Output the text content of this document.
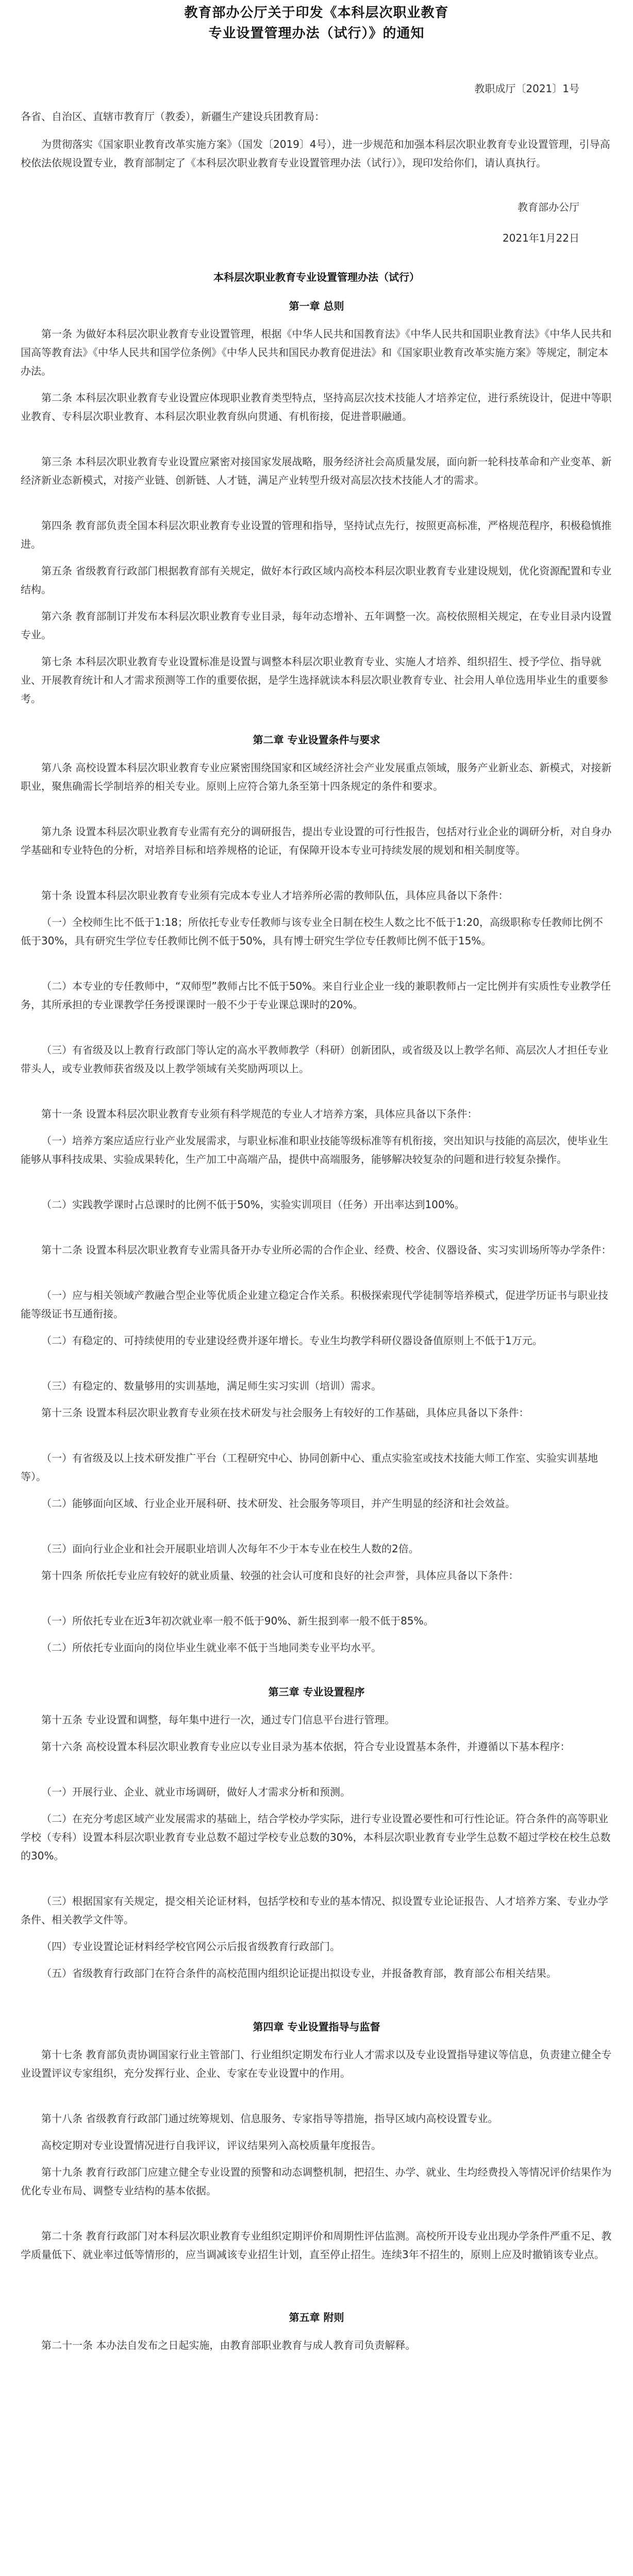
教育部办公厅关于印发《本科层次职业教育
专业设置管理办法（试行）》的通知
教职成厅〔2021〕1号

各省、自治区、直辖市教育厅（教委），新疆生产建设兵团教育局：

为贯彻落实《国家职业教育改革实施方案》（国发〔2019〕4号），进一步规范和加强本科层次职业教育专业设置管理，引导高校依法依规设置专业，教育部制定了《本科层次职业教育专业设置管理办法（试行）》，现印发给你们，请认真执行。

教育部办公厅
2021年1月22日
本科层次职业教育专业设置管理办法（试行）
第一章 总则

第一条 为做好本科层次职业教育专业设置管理，根据《中华人民共和国教育法》《中华人民共和国职业教育法》《中华人民共和国高等教育法》《中华人民共和国学位条例》《中华人民共和国民办教育促进法》和《国家职业教育改革实施方案》等规定，制定本办法。

第二条 本科层次职业教育专业设置应体现职业教育类型特点，坚持高层次技术技能人才培养定位，进行系统设计，促进中等职业教育、专科层次职业教育、本科层次职业教育纵向贯通、有机衔接，促进普职融通。

第三条 本科层次职业教育专业设置应紧密对接国家发展战略，服务经济社会高质量发展，面向新一轮科技革命和产业变革、新经济新业态新模式，对接产业链、创新链、人才链，满足产业转型升级对高层次技术技能人才的需求。

第四条 教育部负责全国本科层次职业教育专业设置的管理和指导，坚持试点先行，按照更高标准，严格规范程序，积极稳慎推进。

第五条 省级教育行政部门根据教育部有关规定，做好本行政区域内高校本科层次职业教育专业建设规划，优化资源配置和专业结构。

第六条 教育部制订并发布本科层次职业教育专业目录，每年动态增补、五年调整一次。高校依照相关规定，在专业目录内设置专业。

第七条 本科层次职业教育专业设置标准是设置与调整本科层次职业教育专业、实施人才培养、组织招生、授予学位、指导就业、开展教育统计和人才需求预测等工作的重要依据，是学生选择就读本科层次职业教育专业、社会用人单位选用毕业生的重要参考。

第二章 专业设置条件与要求

第八条 高校设置本科层次职业教育专业应紧密围绕国家和区域经济社会产业发展重点领域，服务产业新业态、新模式，对接新职业，聚焦确需长学制培养的相关专业。原则上应符合第九条至第十四条规定的条件和要求。

第九条 设置本科层次职业教育专业需有充分的调研报告，提出专业设置的可行性报告，包括对行业企业的调研分析，对自身办学基础和专业特色的分析，对培养目标和培养规格的论证，有保障开设本专业可持续发展的规划和相关制度等。

第十条 设置本科层次职业教育专业须有完成本专业人才培养所必需的教师队伍，具体应具备以下条件：

（一）全校师生比不低于1:18；所依托专业专任教师与该专业全日制在校生人数之比不低于1:20，高级职称专任教师比例不低于30%，具有研究生学位专任教师比例不低于50%，具有博士研究生学位专任教师比例不低于15%。

（二）本专业的专任教师中，“双师型”教师占比不低于50%。来自行业企业一线的兼职教师占一定比例并有实质性专业教学任务，其所承担的专业课教学任务授课课时一般不少于专业课总课时的20%。

（三）有省级及以上教育行政部门等认定的高水平教师教学（科研）创新团队，或省级及以上教学名师、高层次人才担任专业带头人，或专业教师获省级及以上教学领域有关奖励两项以上。

第十一条 设置本科层次职业教育专业须有科学规范的专业人才培养方案，具体应具备以下条件：

（一）培养方案应适应行业产业发展需求，与职业标准和职业技能等级标准等有机衔接，突出知识与技能的高层次，使毕业生能够从事科技成果、实验成果转化，生产加工中高端产品，提供中高端服务，能够解决较复杂的问题和进行较复杂操作。

（二）实践教学课时占总课时的比例不低于50%，实验实训项目（任务）开出率达到100%。

第十二条 设置本科层次职业教育专业需具备开办专业所必需的合作企业、经费、校舍、仪器设备、实习实训场所等办学条件：

（一）应与相关领域产教融合型企业等优质企业建立稳定合作关系。积极探索现代学徒制等培养模式，促进学历证书与职业技能等级证书互通衔接。

（二）有稳定的、可持续使用的专业建设经费并逐年增长。专业生均教学科研仪器设备值原则上不低于1万元。

（三）有稳定的、数量够用的实训基地，满足师生实习实训（培训）需求。

第十三条 设置本科层次职业教育专业须在技术研发与社会服务上有较好的工作基础，具体应具备以下条件：

（一）有省级及以上技术研发推广平台（工程研究中心、协同创新中心、重点实验室或技术技能大师工作室、实验实训基地等）。

（二）能够面向区域、行业企业开展科研、技术研发、社会服务等项目，并产生明显的经济和社会效益。

（三）面向行业企业和社会开展职业培训人次每年不少于本专业在校生人数的2倍。

第十四条 所依托专业应有较好的就业质量、较强的社会认可度和良好的社会声誉，具体应具备以下条件：

（一）所依托专业在近3年初次就业率一般不低于90%、新生报到率一般不低于85%。

（二）所依托专业面向的岗位毕业生就业率不低于当地同类专业平均水平。

第三章 专业设置程序

第十五条 专业设置和调整，每年集中进行一次，通过专门信息平台进行管理。

第十六条 高校设置本科层次职业教育专业应以专业目录为基本依据，符合专业设置基本条件，并遵循以下基本程序：

（一）开展行业、企业、就业市场调研，做好人才需求分析和预测。

（二）在充分考虑区域产业发展需求的基础上，结合学校办学实际，进行专业设置必要性和可行性论证。符合条件的高等职业学校（专科）设置本科层次职业教育专业总数不超过学校专业总数的30%，本科层次职业教育专业学生总数不超过学校在校生总数的30%。

（三）根据国家有关规定，提交相关论证材料，包括学校和专业的基本情况、拟设置专业论证报告、人才培养方案、专业办学条件、相关教学文件等。

（四）专业设置论证材料经学校官网公示后报省级教育行政部门。

（五）省级教育行政部门在符合条件的高校范围内组织论证提出拟设专业，并报备教育部，教育部公布相关结果。

第四章 专业设置指导与监督

第十七条 教育部负责协调国家行业主管部门、行业组织定期发布行业人才需求以及专业设置指导建议等信息，负责建立健全专业设置评议专家组织，充分发挥行业、企业、专家在专业设置中的作用。

第十八条 省级教育行政部门通过统筹规划、信息服务、专家指导等措施，指导区域内高校设置专业。

高校定期对专业设置情况进行自我评议，评议结果列入高校质量年度报告。

第十九条 教育行政部门应建立健全专业设置的预警和动态调整机制，把招生、办学、就业、生均经费投入等情况评价结果作为优化专业布局、调整专业结构的基本依据。

第二十条 教育行政部门对本科层次职业教育专业组织定期评价和周期性评估监测。高校所开设专业出现办学条件严重不足、教学质量低下、就业率过低等情形的，应当调减该专业招生计划，直至停止招生。连续3年不招生的，原则上应及时撤销该专业点。

第五章 附则

第二十一条 本办法自发布之日起实施，由教育部职业教育与成人教育司负责解释。
